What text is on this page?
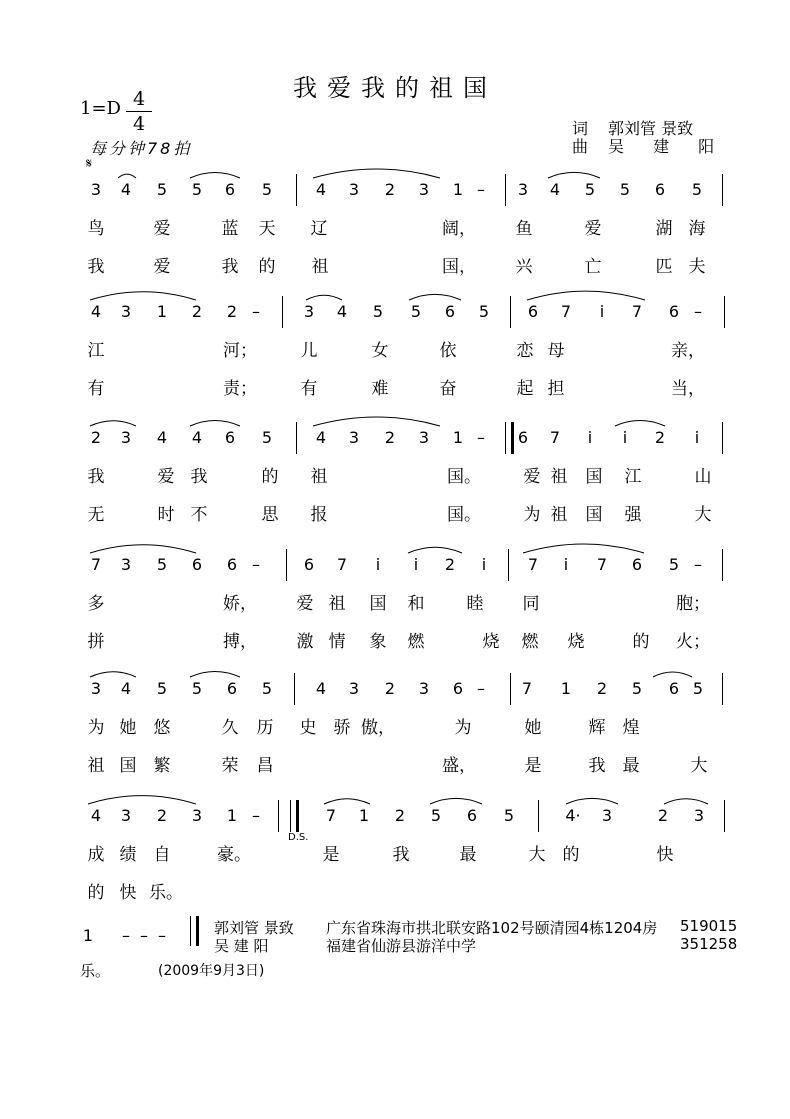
我爱我的祖国
1=D 4
4
每分钟78拍
𝄋
词 郭刘管 景致
曲 吴 建 阳
3	4	5	5	6	5	4	3	2	3	1 –	3	4	5	5	6	5
鸟	爱	蓝 天 辽	阔， 鱼	爱	湖 海
我	爱	我 的 祖	国， 兴	亡	匹 夫
4	3	1	2	2 –	3	4	5	5	6	5	6	7	i	7	6 –
江	河；	儿	女	依	恋 母	亲，
有	责；	有	难	奋	起 担	当，
2	3	4	4	6	5	4	3	2	3	1 –	6	7	i	i	2	i
我	爱 我	的 祖	国。	爱 祖 国 江	山
无	时 不	思 报	国。	为 祖 国 强	大
7	3	5	6	6 –	6	7	i	i	2	i	7	i	7	6	5 –
多	娇， 爱 祖 国 和 睦 同	胞；
拼	搏， 激 情 象 燃	烧 燃 烧	的 火；
3	4	5	5	6	5	4	3	2	3	6 –	7	1	2	5	6 5
为 她 悠	久 历 史 骄 傲，	为	她	辉 煌
祖 国 繁	荣 昌	盛，	是	我 最	大
4	3	2	3	1 –	7	1	2	5	6	5	4·	3	2	3
成 绩 自	豪。	是	我	最	大 的	快
的 快 乐。
D.S.
1	– – –
乐。	(2009年9月3日)
郭刘管 景致 广东省珠海市拱北联安路102号颐清园4栋1204房 519015
吴 建 阳	福建省仙游县游洋中学	351258
